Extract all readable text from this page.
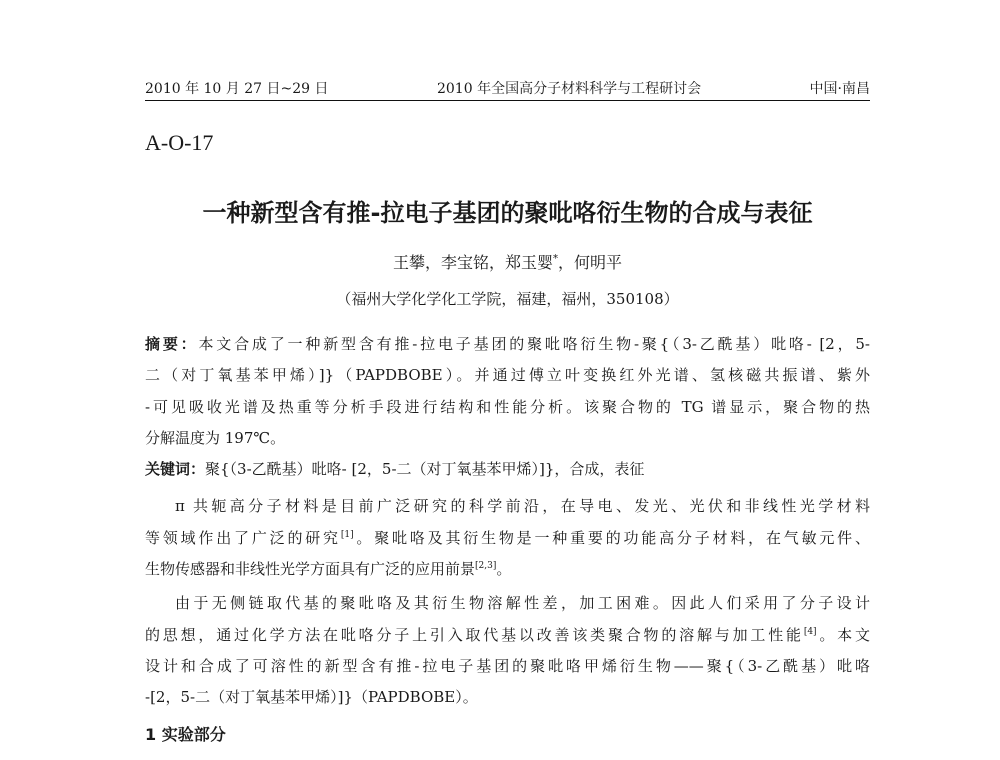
2010 年 10 月 27 日~29 日	2010 年全国高分子材料科学与工程研讨会	中国·南昌
A-O-17
一种新型含有推-拉电子基团的聚吡咯衍生物的合成与表征
王攀，李宝铭，郑玉婴*，何明平
（福州大学化学化工学院，福建，福州，350108）
摘要：本文合成了一种新型含有推-拉电子基团的聚吡咯衍生物-聚{（3-乙酰基）吡咯- [2，5-
二（对丁氧基苯甲烯）]}（PAPDBOBE）。并通过傅立叶变换红外光谱、氢核磁共振谱、紫外
-可见吸收光谱及热重等分析手段进行结构和性能分析。该聚合物的 TG 谱显示，聚合物的热
分解温度为 197℃。
关键词：聚{（3-乙酰基）吡咯- [2，5-二（对丁氧基苯甲烯）]}，合成，表征
π 共轭高分子材料是目前广泛研究的科学前沿，在导电、发光、光伏和非线性光学材料
等领域作出了广泛的研究[1]。聚吡咯及其衍生物是一种重要的功能高分子材料，在气敏元件、
生物传感器和非线性光学方面具有广泛的应用前景[2,3]。
由于无侧链取代基的聚吡咯及其衍生物溶解性差，加工困难。因此人们采用了分子设计
的思想，通过化学方法在吡咯分子上引入取代基以改善该类聚合物的溶解与加工性能[4]。本文
设计和合成了可溶性的新型含有推-拉电子基团的聚吡咯甲烯衍生物——聚{（3-乙酰基）吡咯
-[2，5-二（对丁氧基苯甲烯）]}（PAPDBOBE）。
1 实验部分
